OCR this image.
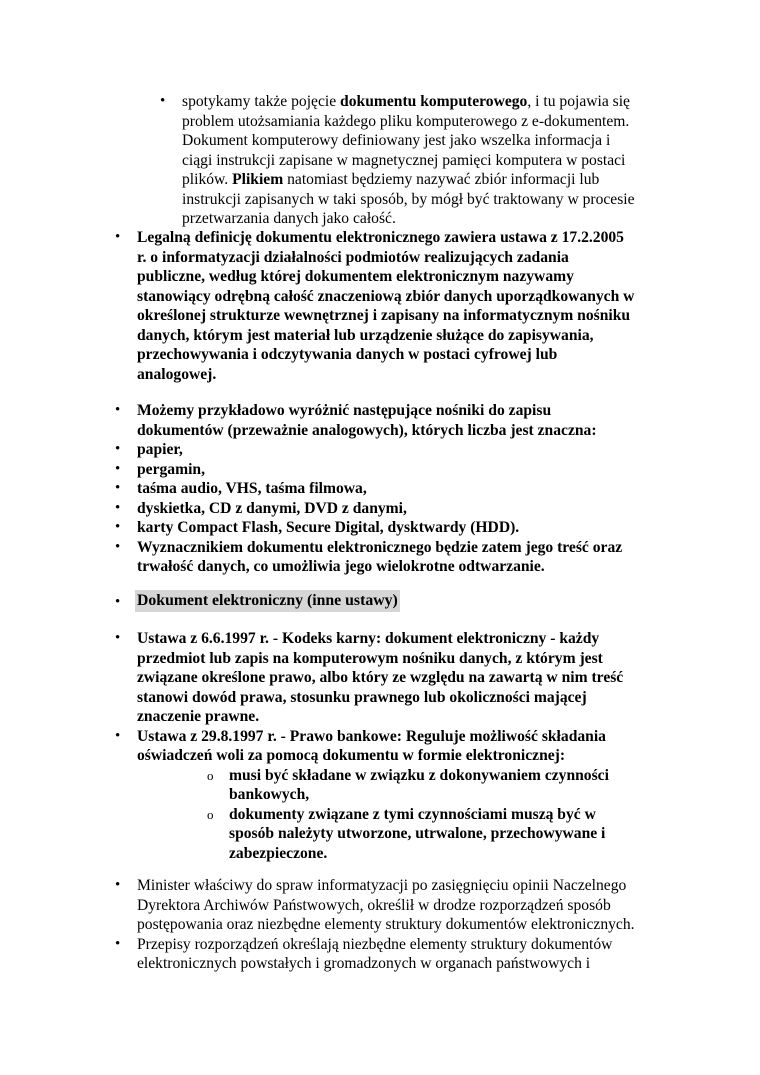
• spotykamy także pojęcie dokumentu komputerowego, i tu pojawia się
problem utożsamiania każdego pliku komputerowego z e-dokumentem.
Dokument komputerowy definiowany jest jako wszelka informacja i
ciągi instrukcji zapisane w magnetycznej pamięci komputera w postaci
plików. Plikiem natomiast będziemy nazywać zbiór informacji lub
instrukcji zapisanych w taki sposób, by mógł być traktowany w procesie
przetwarzania danych jako całość.
• Legalną definicję dokumentu elektronicznego zawiera ustawa z 17.2.2005
r. o informatyzacji działalności podmiotów realizujących zadania
publiczne, według której dokumentem elektronicznym nazywamy
stanowiący odrębną całość znaczeniową zbiór danych uporządkowanych w
określonej strukturze wewnętrznej i zapisany na informatycznym nośniku
danych, którym jest materiał lub urządzenie służące do zapisywania,
przechowywania i odczytywania danych w postaci cyfrowej lub
analogowej.
• Możemy przykładowo wyróżnić następujące nośniki do zapisu
dokumentów (przeważnie analogowych), których liczba jest znaczna:
• papier,
• pergamin,
• taśma audio, VHS, taśma filmowa,
• dyskietka, CD z danymi, DVD z danymi,
• karty Compact Flash, Secure Digital, dysktwardy (HDD).
• Wyznacznikiem dokumentu elektronicznego będzie zatem jego treść oraz
trwałość danych, co umożliwia jego wielokrotne odtwarzanie.
• Dokument elektroniczny (inne ustawy)
• Ustawa z 6.6.1997 r. - Kodeks karny: dokument elektroniczny - każdy
przedmiot lub zapis na komputerowym nośniku danych, z którym jest
związane określone prawo, albo który ze względu na zawartą w nim treść
stanowi dowód prawa, stosunku prawnego lub okoliczności mającej
znaczenie prawne.
• Ustawa z 29.8.1997 r. - Prawo bankowe: Reguluje możliwość składania
oświadczeń woli za pomocą dokumentu w formie elektronicznej:
o musi być składane w związku z dokonywaniem czynności
bankowych,
o dokumenty związane z tymi czynnościami muszą być w
sposób należyty utworzone, utrwalone, przechowywane i
zabezpieczone.
• Minister właściwy do spraw informatyzacji po zasięgnięciu opinii Naczelnego
Dyrektora Archiwów Państwowych, określił w drodze rozporządzeń sposób
postępowania oraz niezbędne elementy struktury dokumentów elektronicznych.
• Przepisy rozporządzeń określają niezbędne elementy struktury dokumentów
elektronicznych powstałych i gromadzonych w organach państwowych i
